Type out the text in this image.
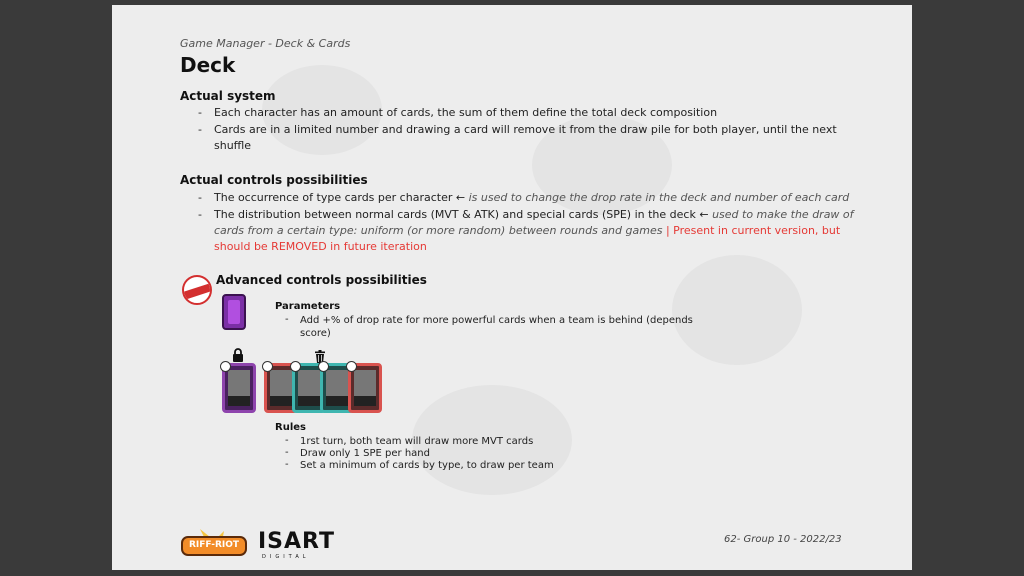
Game Manager - Deck & Cards
Deck
Actual system
- Each character has an amount of cards, the sum of them define the total deck composition
- Cards are in a limited number and drawing a card will remove it from the draw pile for both player, until the next
shuffle
Actual controls possibilities
- The occurrence of type cards per character ← is used to change the drop rate in the deck and number of each card
- The distribution between normal cards (MVT & ATK) and special cards (SPE) in the deck ← used to make the draw of
cards from a certain type: uniform (or more random) between rounds and games | Present in current version, but
should be REMOVED in future iteration
Advanced controls possibilities
Parameters
- Add +% of drop rate for more powerful cards when a team is behind (depends
score)
Rules
- 1rst turn, both team will draw more MVT cards
- Draw only 1 SPE per hand
- Set a minimum of cards by type, to draw per team
RIFF-RIOT ISART
DIGITAL
62- Group 10 - 2022/23
